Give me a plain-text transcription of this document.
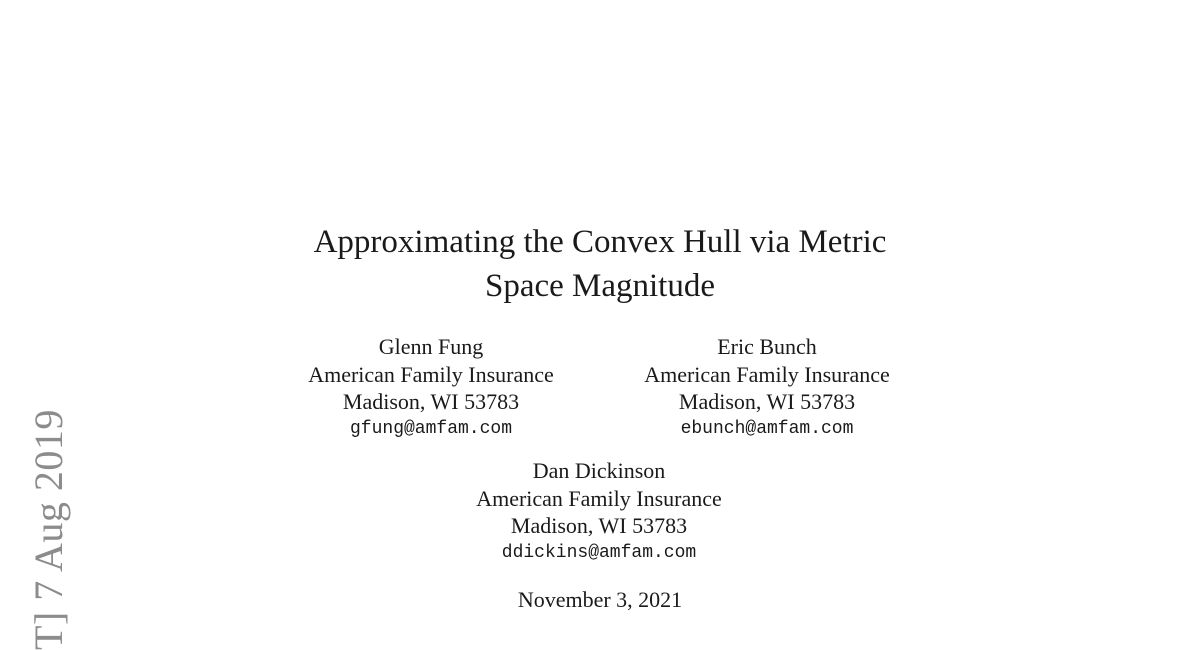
T] 7 Aug 2019
Approximating the Convex Hull via Metric
Space Magnitude
Glenn Fung
American Family Insurance
Madison, WI 53783
gfung@amfam.com
Eric Bunch
American Family Insurance
Madison, WI 53783
ebunch@amfam.com
Dan Dickinson
American Family Insurance
Madison, WI 53783
ddickins@amfam.com
November 3, 2021
